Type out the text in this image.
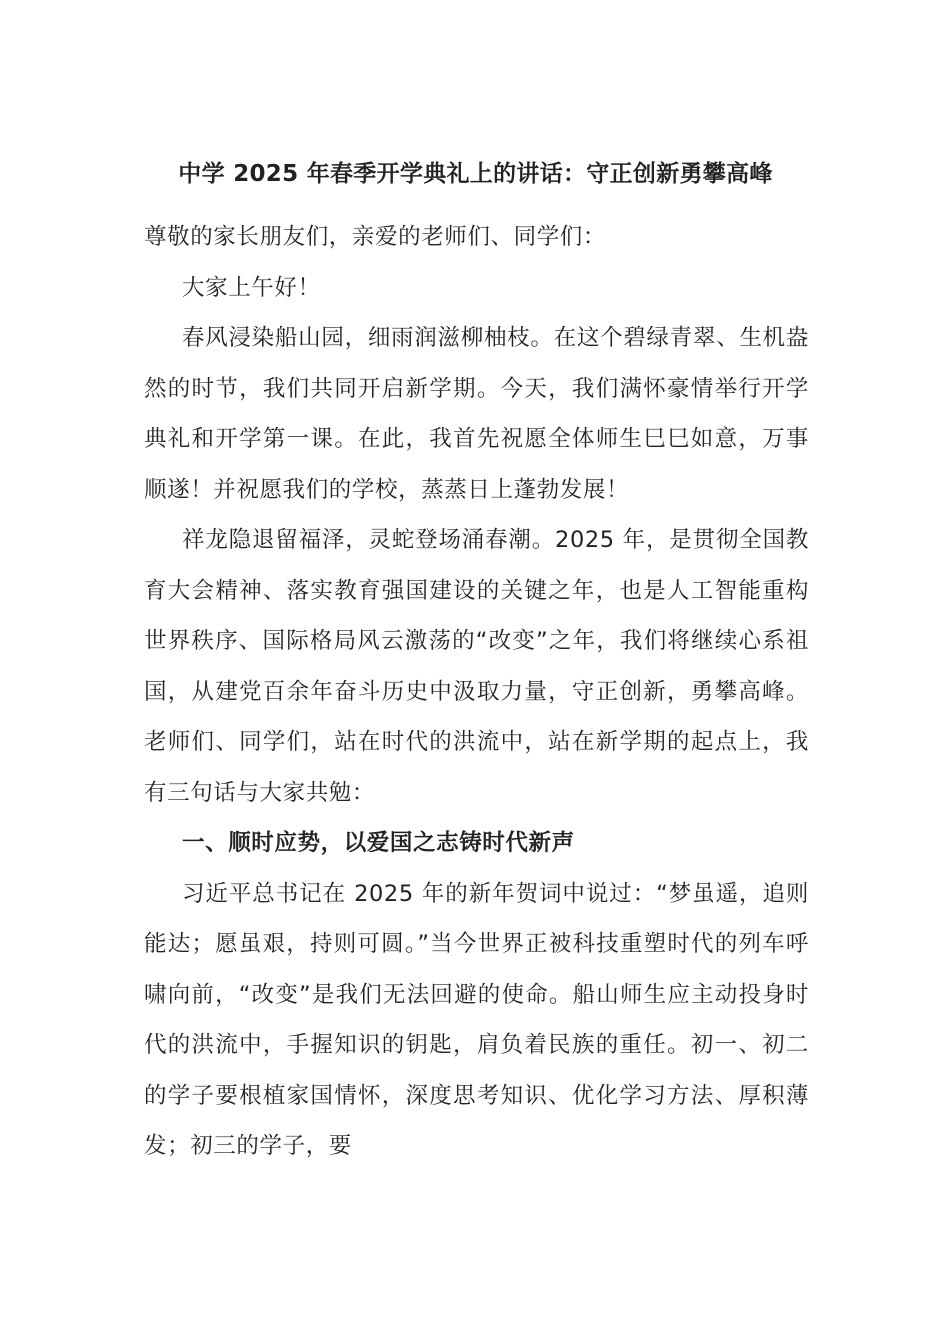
中学 2025 年春季开学典礼上的讲话：守正创新勇攀高峰

尊敬的家长朋友们，亲爱的老师们、同学们：

大家上午好！

春风浸染船山园，细雨润滋柳柚枝。在这个碧绿青翠、生机盎然的时节，我们共同开启新学期。今天，我们满怀豪情举行开学典礼和开学第一课。在此，我首先祝愿全体师生巳巳如意，万事顺遂！并祝愿我们的学校，蒸蒸日上蓬勃发展！

祥龙隐退留福泽，灵蛇登场涌春潮。2025 年，是贯彻全国教育大会精神、落实教育强国建设的关键之年，也是人工智能重构世界秩序、国际格局风云激荡的“改变”之年，我们将继续心系祖国，从建党百余年奋斗历史中汲取力量，守正创新，勇攀高峰。老师们、同学们，站在时代的洪流中，站在新学期的起点上，我有三句话与大家共勉：

一、顺时应势，以爱国之志铸时代新声

习近平总书记在 2025 年的新年贺词中说过：“梦虽遥，追则能达；愿虽艰，持则可圆。”当今世界正被科技重塑时代的列车呼啸向前，“改变”是我们无法回避的使命。船山师生应主动投身时代的洪流中，手握知识的钥匙，肩负着民族的重任。初一、初二的学子要根植家国情怀，深度思考知识、优化学习方法、厚积薄发；初三的学子，要
